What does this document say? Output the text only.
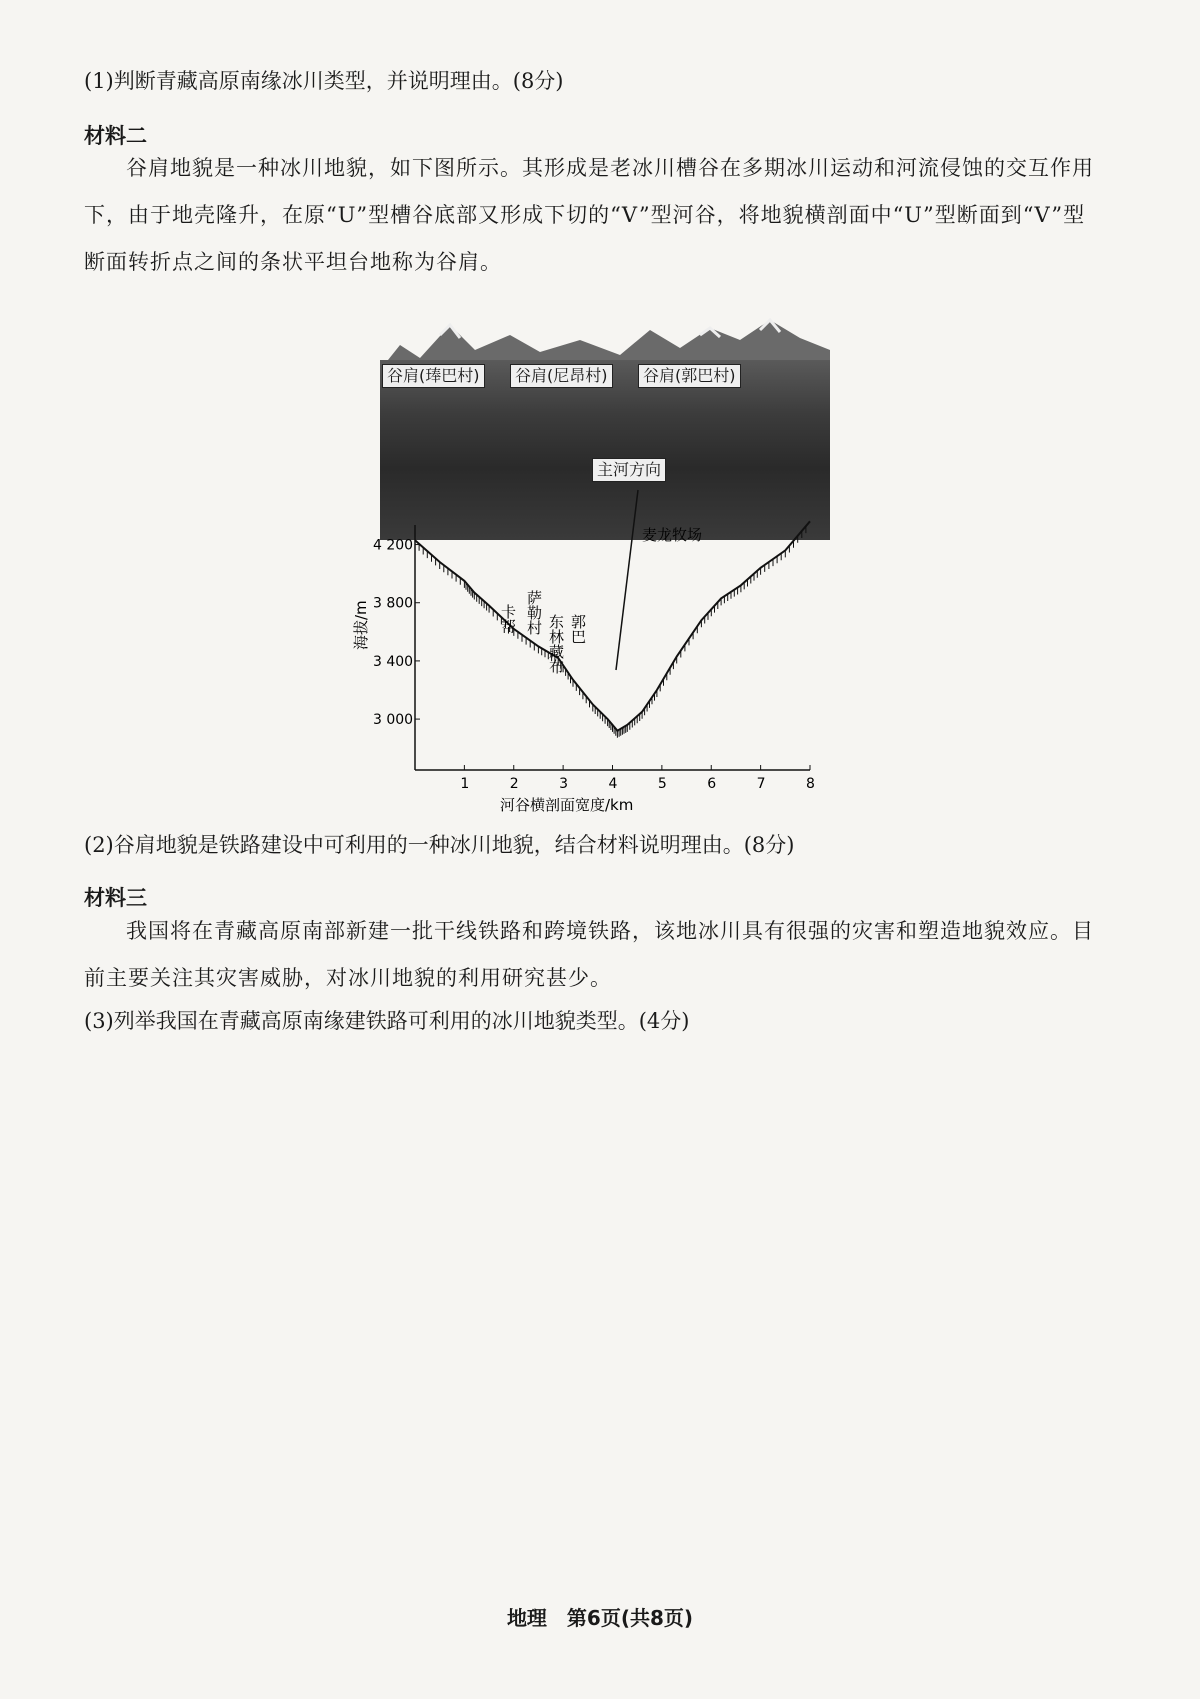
(1)判断青藏高原南缘冰川类型，并说明理由。(8分)
材料二
谷肩地貌是一种冰川地貌，如下图所示。其形成是老冰川槽谷在多期冰川运动和河流侵蚀的交互作用下，由于地壳隆升，在原“U”型槽谷底部又形成下切的“V”型河谷，将地貌横剖面中“U”型断面到“V”型断面转折点之间的条状平坦台地称为谷肩。
谷肩(琫巴村)	谷肩(尼昂村)	谷肩(郭巴村)
主河方向
1	2	3	4	5	6	7	8
3 000
3 400
3 800
4 200
麦龙牧场
卡帮 萨勒村
东林藏布 郭巴
海拔/m
河谷横剖面宽度/km
(2)谷肩地貌是铁路建设中可利用的一种冰川地貌，结合材料说明理由。(8分)
材料三
我国将在青藏高原南部新建一批干线铁路和跨境铁路，该地冰川具有很强的灾害和塑造地貌效应。目前主要关注其灾害威胁，对冰川地貌的利用研究甚少。
(3)列举我国在青藏高原南缘建铁路可利用的冰川地貌类型。(4分)
地理　第6页(共8页)
